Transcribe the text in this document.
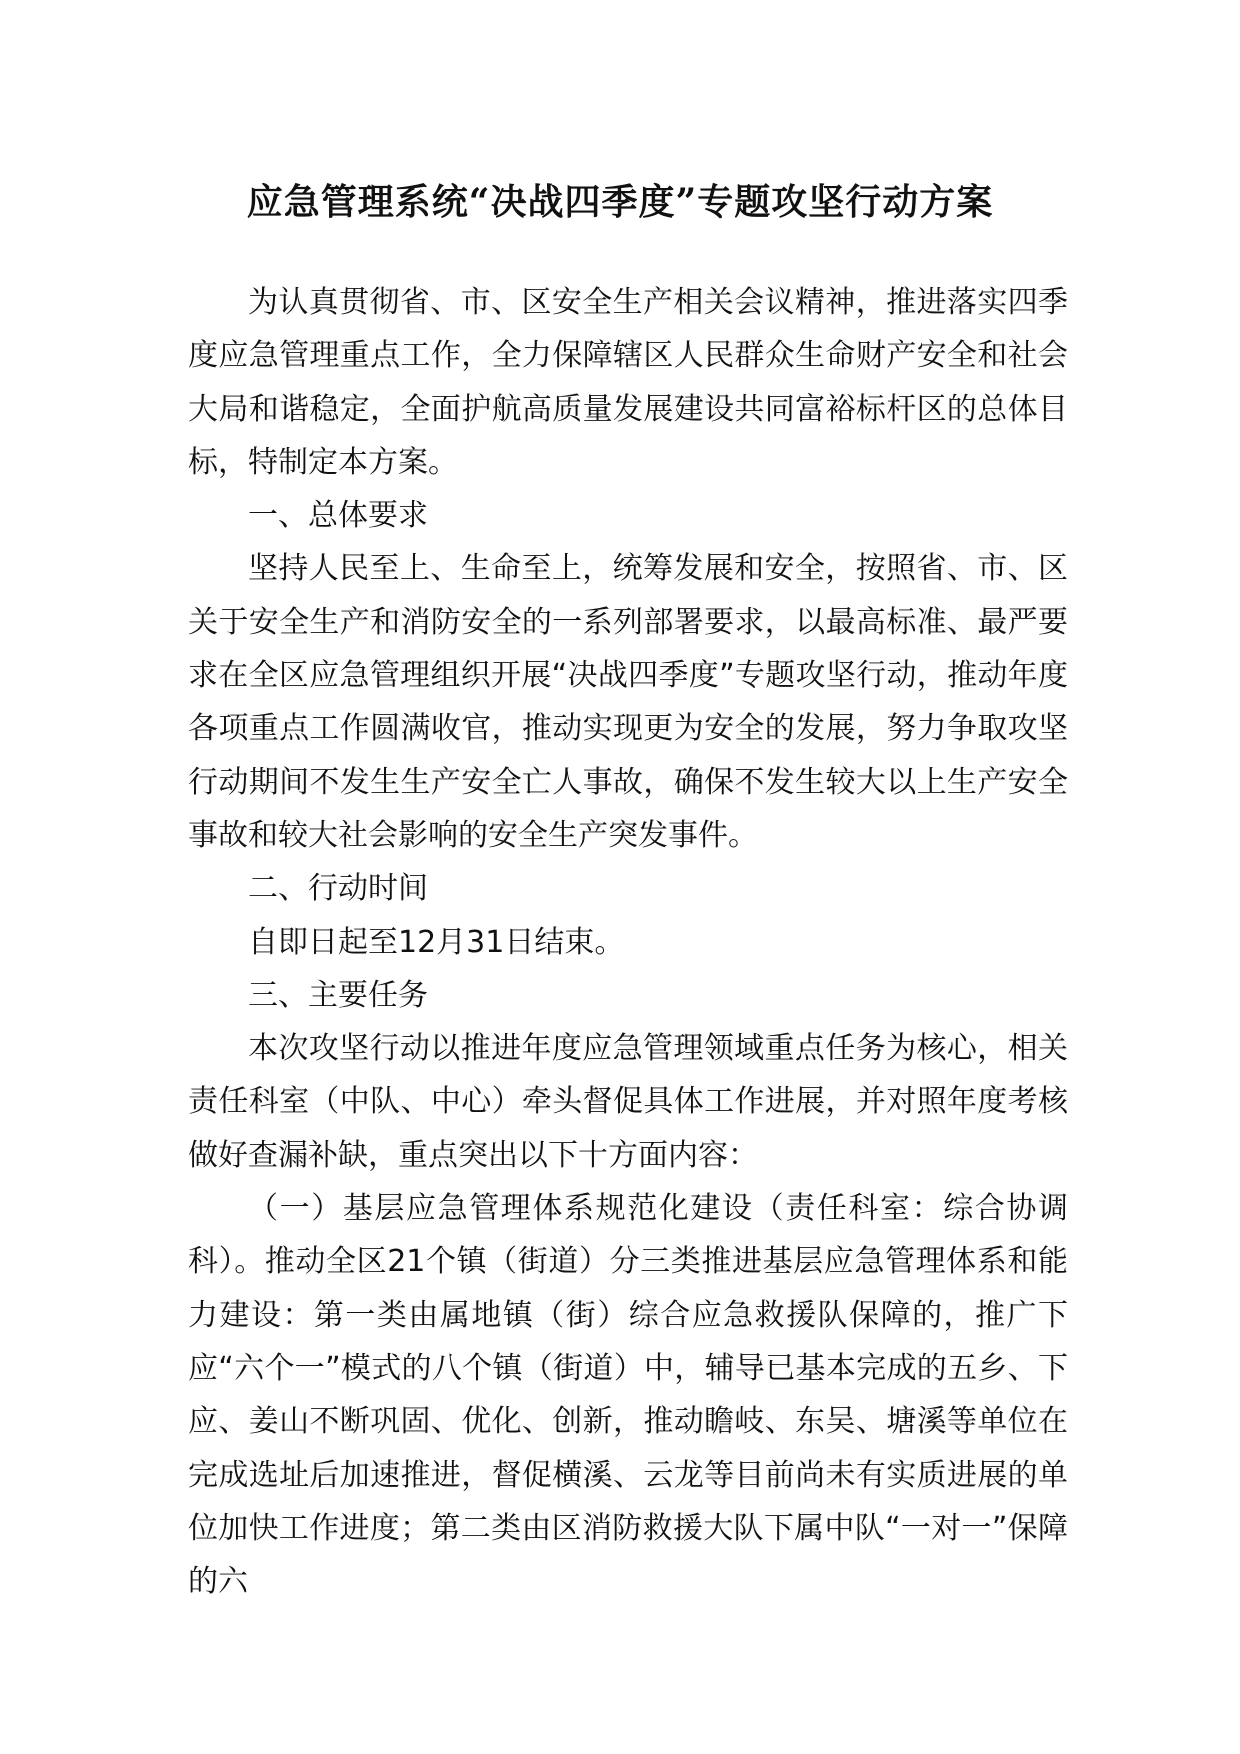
应急管理系统“决战四季度”专题攻坚行动方案

为认真贯彻省、市、区安全生产相关会议精神，推进落实四季度应急管理重点工作，全力保障辖区人民群众生命财产安全和社会大局和谐稳定，全面护航高质量发展建设共同富裕标杆区的总体目标，特制定本方案。

一、总体要求

坚持人民至上、生命至上，统筹发展和安全，按照省、市、区关于安全生产和消防安全的一系列部署要求，以最高标准、最严要求在全区应急管理组织开展“决战四季度”专题攻坚行动，推动年度各项重点工作圆满收官，推动实现更为安全的发展，努力争取攻坚行动期间不发生生产安全亡人事故，确保不发生较大以上生产安全事故和较大社会影响的安全生产突发事件。

二、行动时间

自即日起至12月31日结束。

三、主要任务

本次攻坚行动以推进年度应急管理领域重点任务为核心，相关责任科室（中队、中心）牵头督促具体工作进展，并对照年度考核做好查漏补缺，重点突出以下十方面内容：

（一）基层应急管理体系规范化建设（责任科室：综合协调科）。推动全区21个镇（街道）分三类推进基层应急管理体系和能力建设：第一类由属地镇（街）综合应急救援队保障的，推广下应“六个一”模式的八个镇（街道）中，辅导已基本完成的五乡、下应、姜山不断巩固、优化、创新，推动瞻岐、东吴、塘溪等单位在完成选址后加速推进，督促横溪、云龙等目前尚未有实质进展的单位加快工作进度；第二类由区消防救援大队下属中队“一对一”保障的六
